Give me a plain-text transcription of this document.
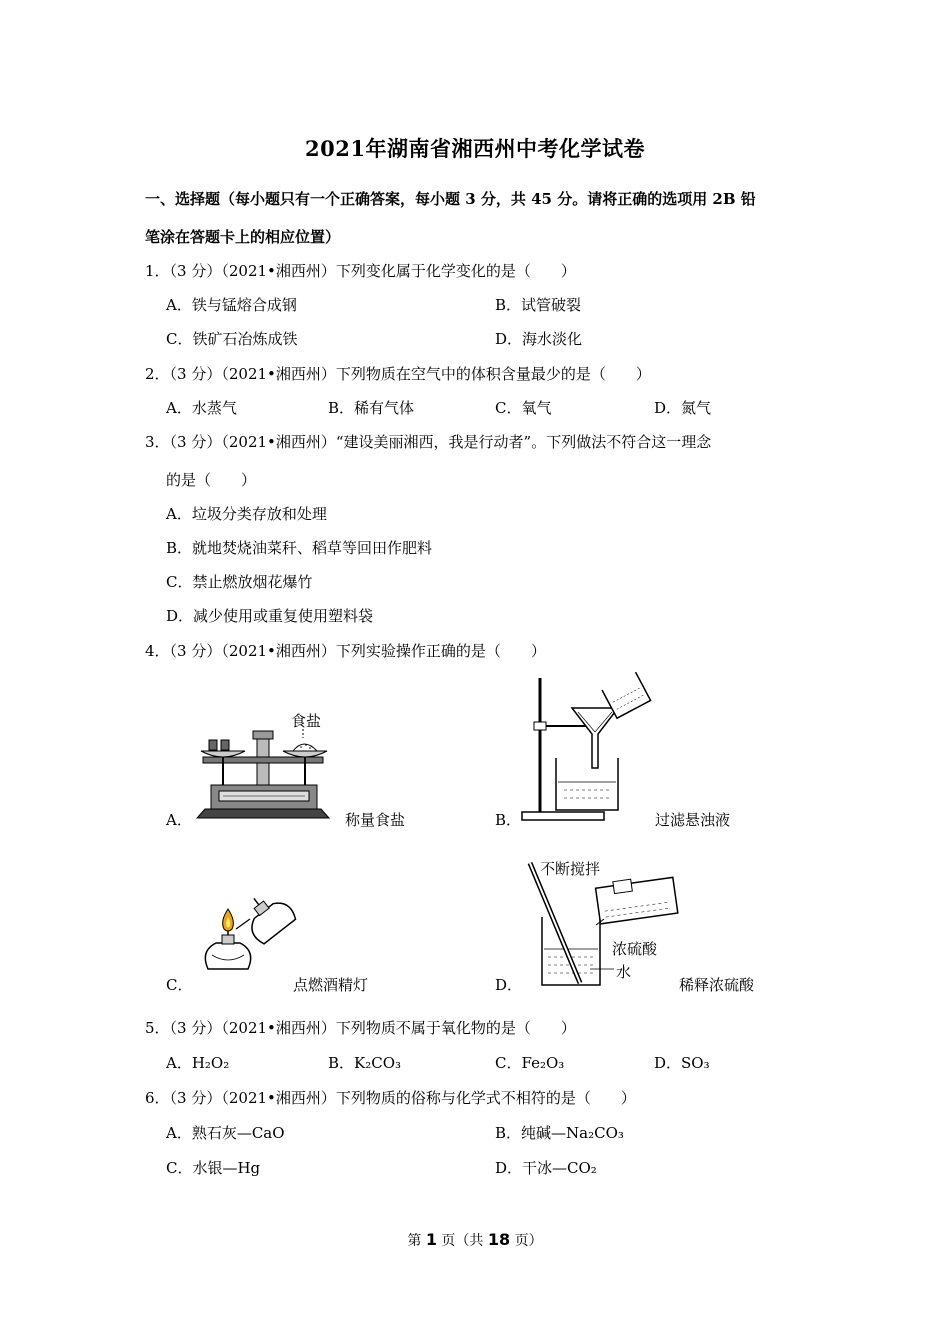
2021年湖南省湘西州中考化学试卷
一、选择题（每小题只有一个正确答案，每小题 3 分，共 45 分。请将正确的选项用 2B 铅
笔涂在答题卡上的相应位置）
1．（3 分）（2021•湘西州）下列变化属于化学变化的是（　　）
A．铁与锰熔合成钢	B．试管破裂
C．铁矿石冶炼成铁	D．海水淡化
2．（3 分）（2021•湘西州）下列物质在空气中的体积含量最少的是（　　）
A．水蒸气	B．稀有气体	C．氧气	D．氮气
3．（3 分）（2021•湘西州）“建设美丽湘西，我是行动者”。下列做法不符合这一理念
的是（　　）
A．垃圾分类存放和处理
B．就地焚烧油菜秆、稻草等回田作肥料
C．禁止燃放烟花爆竹
D．减少使用或重复使用塑料袋
4．（3 分）（2021•湘西州）下列实验操作正确的是（　　）
食盐
A．	称量食盐	B．	过滤悬浊液
C．	点燃酒精灯
不断搅拌
浓硫酸
水
D．	稀释浓硫酸
5．（3 分）（2021•湘西州）下列物质不属于氧化物的是（　　）
A．H₂O₂	B．K₂CO₃	C．Fe₂O₃	D．SO₃
6．（3 分）（2021•湘西州）下列物质的俗称与化学式不相符的是（　　）
A．熟石灰—CaO	B．纯碱—Na₂CO₃
C．水银—Hg	D．干冰—CO₂
第 1 页（共 18 页）
